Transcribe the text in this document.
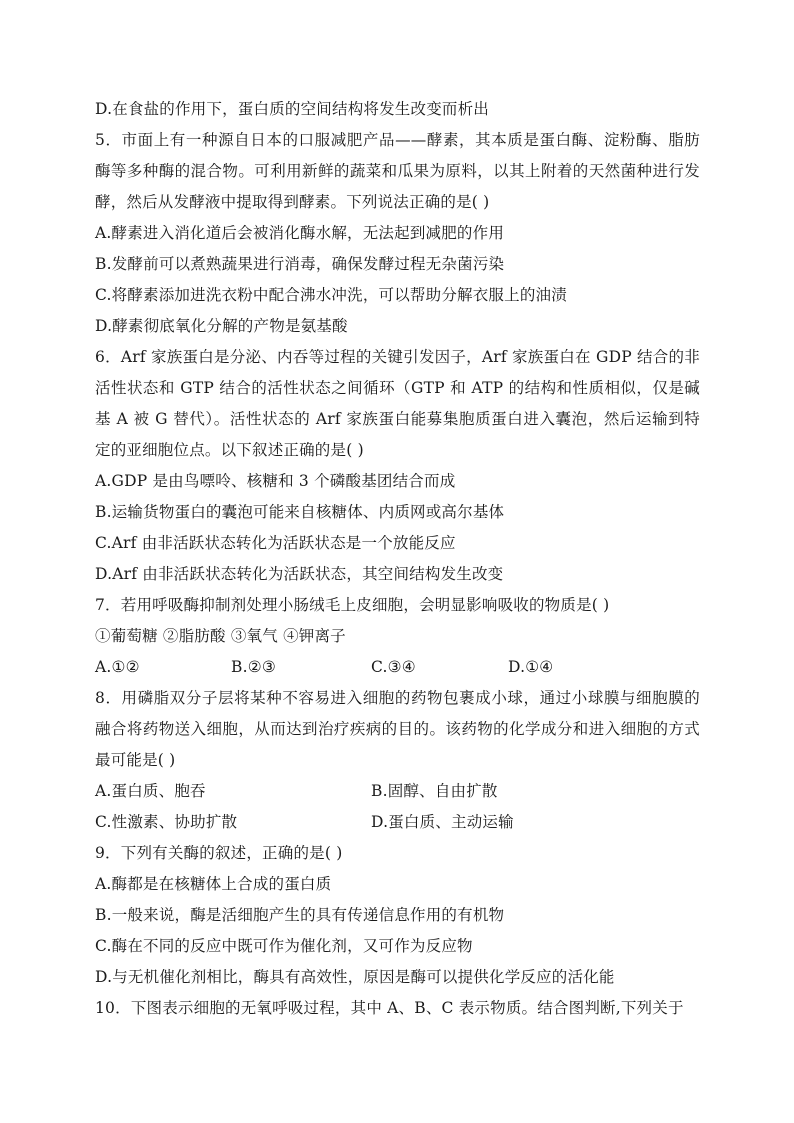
D.在食盐的作用下，蛋白质的空间结构将发生改变而析出
5．市面上有一种源自日本的口服减肥产品——酵素，其本质是蛋白酶、淀粉酶、脂肪酶等多种酶的混合物。可利用新鲜的蔬菜和瓜果为原料，以其上附着的天然菌种进行发酵，然后从发酵液中提取得到酵素。下列说法正确的是( )
A.酵素进入消化道后会被消化酶水解，无法起到减肥的作用
B.发酵前可以煮熟蔬果进行消毒，确保发酵过程无杂菌污染
C.将酵素添加进洗衣粉中配合沸水冲洗，可以帮助分解衣服上的油渍
D.酵素彻底氧化分解的产物是氨基酸
6．Arf 家族蛋白是分泌、内吞等过程的关键引发因子，Arf 家族蛋白在 GDP 结合的非活性状态和 GTP 结合的活性状态之间循环（GTP 和 ATP 的结构和性质相似，仅是碱基 A 被 G 替代）。活性状态的 Arf 家族蛋白能募集胞质蛋白进入囊泡，然后运输到特定的亚细胞位点。以下叙述正确的是( )
A.GDP 是由鸟嘌呤、核糖和 3 个磷酸基团结合而成
B.运输货物蛋白的囊泡可能来自核糖体、内质网或高尔基体
C.Arf 由非活跃状态转化为活跃状态是一个放能反应
D.Arf 由非活跃状态转化为活跃状态，其空间结构发生改变
7．若用呼吸酶抑制剂处理小肠绒毛上皮细胞，会明显影响吸收的物质是( )
①葡萄糖 ②脂肪酸 ③氧气 ④钾离子
A.①②	B.②③	C.③④	D.①④
8．用磷脂双分子层将某种不容易进入细胞的药物包裹成小球，通过小球膜与细胞膜的融合将药物送入细胞，从而达到治疗疾病的目的。该药物的化学成分和进入细胞的方式最可能是( )
A.蛋白质、胞吞	B.固醇、自由扩散
C.性激素、协助扩散	D.蛋白质、主动运输
9．下列有关酶的叙述，正确的是( )
A.酶都是在核糖体上合成的蛋白质
B.一般来说，酶是活细胞产生的具有传递信息作用的有机物
C.酶在不同的反应中既可作为催化剂，又可作为反应物
D.与无机催化剂相比，酶具有高效性，原因是酶可以提供化学反应的活化能
10．下图表示细胞的无氧呼吸过程，其中 A、B、C 表示物质。结合图判断,下列关于
